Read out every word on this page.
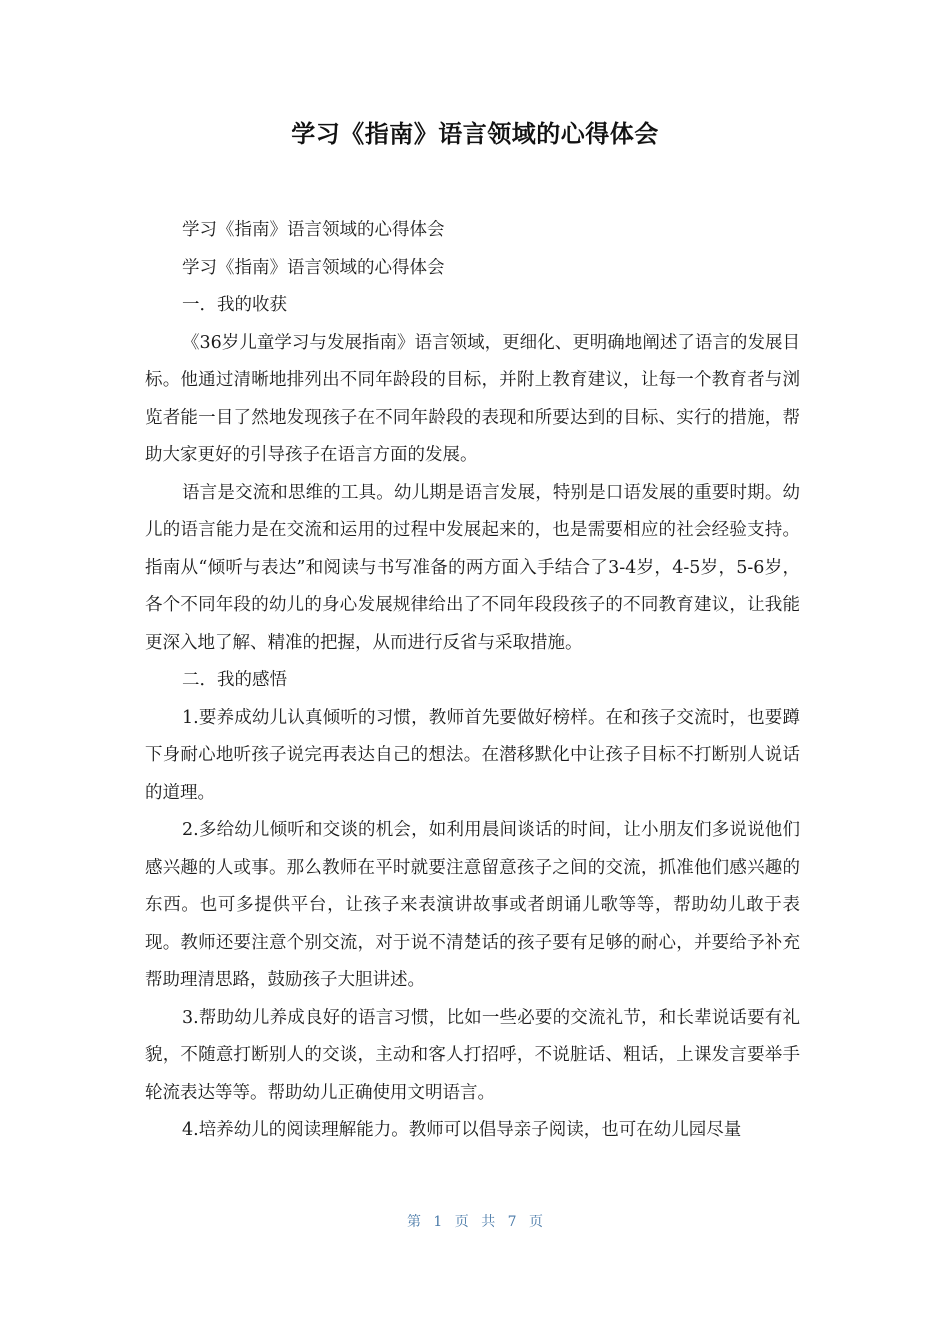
学习《指南》语言领域的心得体会

学习《指南》语言领域的心得体会

学习《指南》语言领域的心得体会

一．我的收获

《36岁儿童学习与发展指南》语言领域，更细化、更明确地阐述了语言的发展目标。他通过清晰地排列出不同年龄段的目标，并附上教育建议，让每一个教育者与浏览者能一目了然地发现孩子在不同年龄段的表现和所要达到的目标、实行的措施，帮助大家更好的引导孩子在语言方面的发展。

语言是交流和思维的工具。幼儿期是语言发展，特别是口语发展的重要时期。幼儿的语言能力是在交流和运用的过程中发展起来的，也是需要相应的社会经验支持。指南从“倾听与表达”和阅读与书写准备的两方面入手结合了3-4岁，4-5岁，5-6岁，各个不同年段的幼儿的身心发展规律给出了不同年段段孩子的不同教育建议，让我能更深入地了解、精准的把握，从而进行反省与采取措施。

二．我的感悟

1.要养成幼儿认真倾听的习惯，教师首先要做好榜样。在和孩子交流时，也要蹲下身耐心地听孩子说完再表达自己的想法。在潜移默化中让孩子目标不打断别人说话的道理。

2.多给幼儿倾听和交谈的机会，如利用晨间谈话的时间，让小朋友们多说说他们感兴趣的人或事。那么教师在平时就要注意留意孩子之间的交流，抓准他们感兴趣的东西。也可多提供平台，让孩子来表演讲故事或者朗诵儿歌等等，帮助幼儿敢于表现。教师还要注意个别交流，对于说不清楚话的孩子要有足够的耐心，并要给予补充帮助理清思路，鼓励孩子大胆讲述。

3.帮助幼儿养成良好的语言习惯，比如一些必要的交流礼节，和长辈说话要有礼貌，不随意打断别人的交谈，主动和客人打招呼，不说脏话、粗话，上课发言要举手轮流表达等等。帮助幼儿正确使用文明语言。

4.培养幼儿的阅读理解能力。教师可以倡导亲子阅读，也可在幼儿园尽量

第 1 页 共 7 页
